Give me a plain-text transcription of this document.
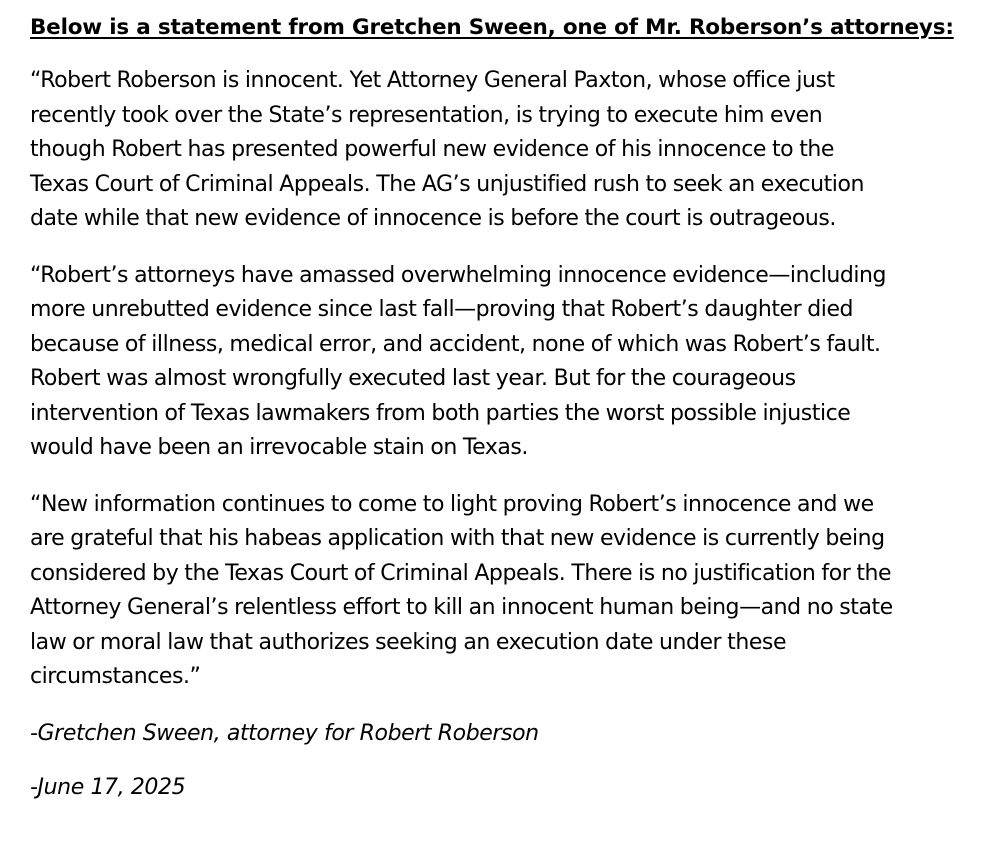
Below is a statement from Gretchen Sween, one of Mr. Roberson’s attorneys:

“Robert Roberson is innocent. Yet Attorney General Paxton, whose office just
recently took over the State’s representation, is trying to execute him even
though Robert has presented powerful new evidence of his innocence to the
Texas Court of Criminal Appeals. The AG’s unjustified rush to seek an execution
date while that new evidence of innocence is before the court is outrageous.

“Robert’s attorneys have amassed overwhelming innocence evidence—including
more unrebutted evidence since last fall—proving that Robert’s daughter died
because of illness, medical error, and accident, none of which was Robert’s fault.
Robert was almost wrongfully executed last year. But for the courageous
intervention of Texas lawmakers from both parties the worst possible injustice
would have been an irrevocable stain on Texas.

“New information continues to come to light proving Robert’s innocence and we
are grateful that his habeas application with that new evidence is currently being
considered by the Texas Court of Criminal Appeals. There is no justification for the
Attorney General’s relentless effort to kill an innocent human being—and no state
law or moral law that authorizes seeking an execution date under these
circumstances.”

-Gretchen Sween, attorney for Robert Roberson

-June 17, 2025
